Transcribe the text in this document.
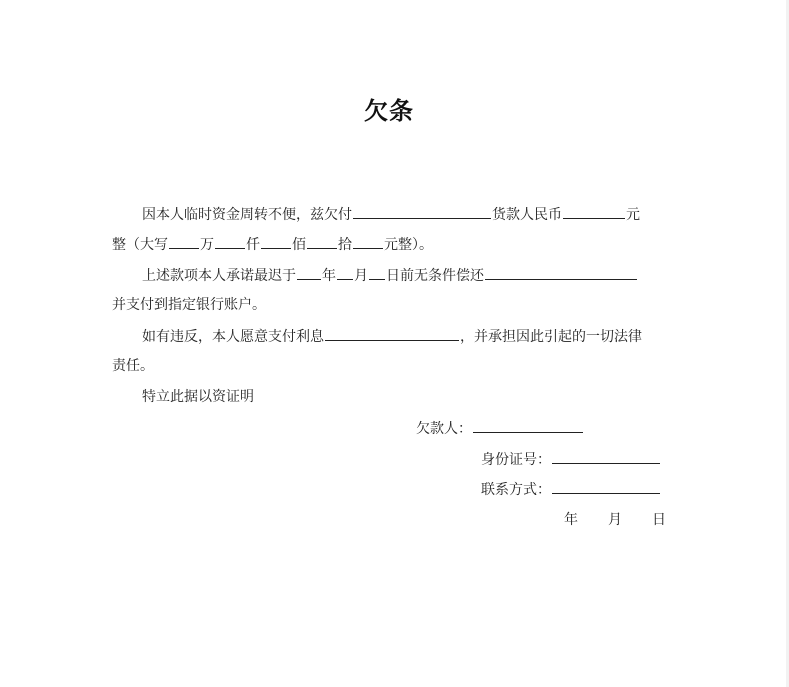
欠条
因本人临时资金周转不便，兹欠付	货款人民币	元
整（大写 万 仟 佰 拾 元整）。
上述款项本人承诺最迟于 年 月 日前无条件偿还
并支付到指定银行账户。
如有违反，本人愿意支付利息	，并承担因此引起的一切法律
责任。
特立此据以资证明
欠款人：
身份证号：
联系方式：
年 月 日
